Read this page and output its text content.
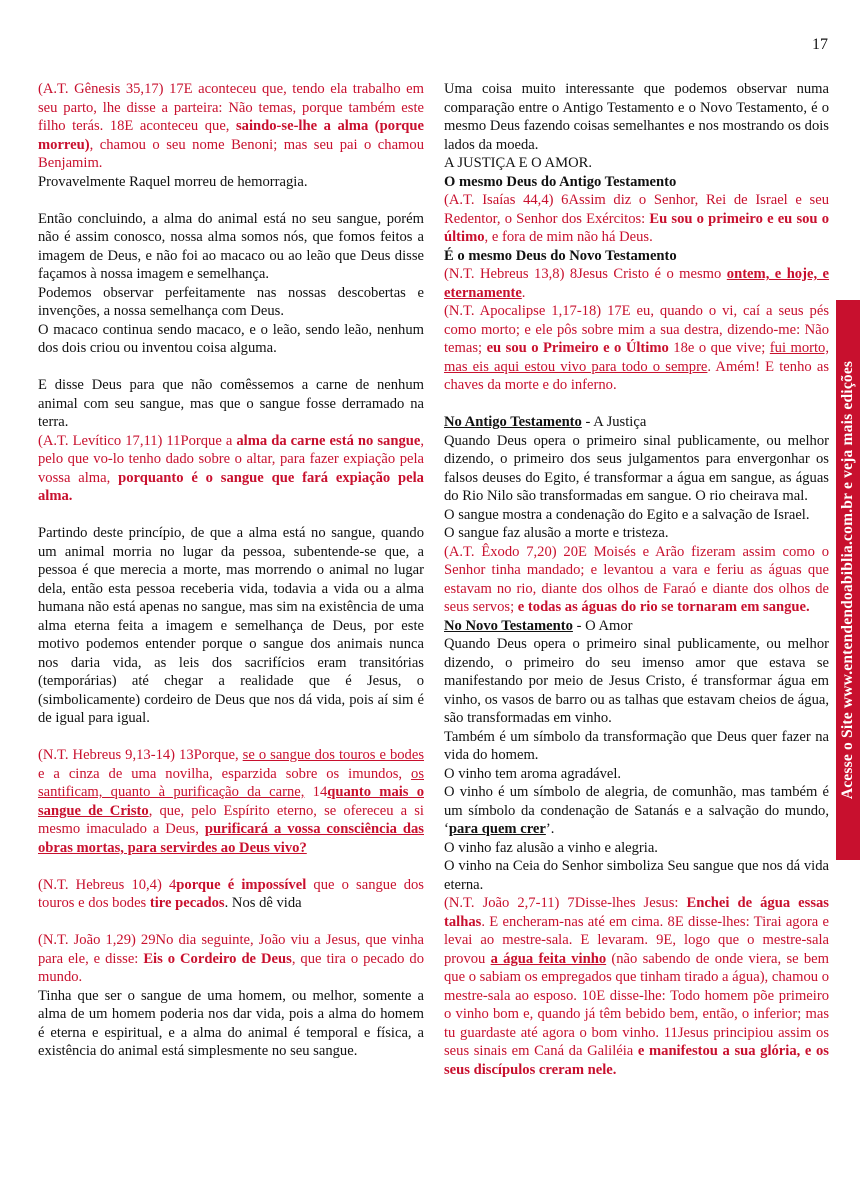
17

(A.T. Gênesis 35,17) 17E aconteceu que, tendo ela trabalho em seu parto, lhe disse a parteira: Não temas, porque também este filho terás. 18E aconteceu que, saindo-se-lhe a alma (porque morreu), chamou o seu nome Benoni; mas seu pai o chamou Benjamim.

Provavelmente Raquel morreu de hemorragia.

Então concluindo, a alma do animal está no seu sangue, porém não é assim conosco, nossa alma somos nós, que fomos feitos a imagem de Deus, e não foi ao macaco ou ao leão que Deus disse façamos à nossa imagem e semelhança.

Podemos observar perfeitamente nas nossas descobertas e invenções, a nossa semelhança com Deus.

O macaco continua sendo macaco, e o leão, sendo leão, nenhum dos dois criou ou inventou coisa alguma.

E disse Deus para que não comêssemos a carne de nenhum animal com seu sangue, mas que o sangue fosse derramado na terra.

(A.T. Levítico 17,11) 11Porque a alma da carne está no sangue, pelo que vo-lo tenho dado sobre o altar, para fazer expiação pela vossa alma, porquanto é o sangue que fará expiação pela alma.

Partindo deste princípio, de que a alma está no sangue, quando um animal morria no lugar da pessoa, subentende-se que, a pessoa é que merecia a morte, mas morrendo o animal no lugar dela, então esta pessoa receberia vida, todavia a vida ou a alma humana não está apenas no sangue, mas sim na existência de uma alma eterna feita a imagem e semelhança de Deus, por este motivo podemos entender porque o sangue dos animais nunca nos daria vida, as leis dos sacrifícios eram transitórias (temporárias) até chegar a realidade que é Jesus, o (simbolicamente) cordeiro de Deus que nos dá vida, pois aí sim é de igual para igual.

(N.T. Hebreus 9,13-14) 13Porque, se o sangue dos touros e bodes e a cinza de uma novilha, esparzida sobre os imundos, os santificam, quanto à purificação da carne, 14quanto mais o sangue de Cristo, que, pelo Espírito eterno, se ofereceu a si mesmo imaculado a Deus, purificará a vossa consciência das obras mortas, para servirdes ao Deus vivo?

(N.T. Hebreus 10,4) 4porque é impossível que o sangue dos touros e dos bodes tire pecados. Nos dê vida

(N.T. João 1,29) 29No dia seguinte, João viu a Jesus, que vinha para ele, e disse: Eis o Cordeiro de Deus, que tira o pecado do mundo.

Tinha que ser o sangue de uma homem, ou melhor, somente a alma de um homem poderia nos dar vida, pois a alma do homem é eterna e espiritual, e a alma do animal é temporal e física, a existência do animal está simplesmente no seu sangue.

Uma coisa muito interessante que podemos observar numa comparação entre o Antigo Testamento e o Novo Testamento, é o mesmo Deus fazendo coisas semelhantes e nos mostrando os dois lados da moeda.

A JUSTIÇA E O AMOR.

O mesmo Deus do Antigo Testamento

(A.T. Isaías 44,4) 6Assim diz o Senhor, Rei de Israel e seu Redentor, o Senhor dos Exércitos: Eu sou o primeiro e eu sou o último, e fora de mim não há Deus.

É o mesmo Deus do Novo Testamento

(N.T. Hebreus 13,8) 8Jesus Cristo é o mesmo ontem, e hoje, e eternamente.

(N.T. Apocalipse 1,17-18) 17E eu, quando o vi, caí a seus pés como morto; e ele pôs sobre mim a sua destra, dizendo-me: Não temas; eu sou o Primeiro e o Último 18e o que vive; fui morto, mas eis aqui estou vivo para todo o sempre. Amém! E tenho as chaves da morte e do inferno.

No Antigo Testamento - A Justiça

Quando Deus opera o primeiro sinal publicamente, ou melhor dizendo, o primeiro dos seus julgamentos para envergonhar os falsos deuses do Egito, é transformar a água em sangue, as águas do Rio Nilo são transformadas em sangue. O rio cheirava mal.

O sangue mostra a condenação do Egito e a salvação de Israel.

O sangue faz alusão a morte e tristeza.

(A.T. Êxodo 7,20) 20E Moisés e Arão fizeram assim como o Senhor tinha mandado; e levantou a vara e feriu as águas que estavam no rio, diante dos olhos de Faraó e diante dos olhos de seus servos; e todas as águas do rio se tornaram em sangue.

No Novo Testamento - O Amor

Quando Deus opera o primeiro sinal publicamente, ou melhor dizendo, o primeiro do seu imenso amor que estava se manifestando por meio de Jesus Cristo, é transformar água em vinho, os vasos de barro ou as talhas que estavam cheios de água, são transformadas em vinho.

Também é um símbolo da transformação que Deus quer fazer na vida do homem.

O vinho tem aroma agradável.

O vinho é um símbolo de alegria, de comunhão, mas também é um símbolo da condenação de Satanás e a salvação do mundo, ‘para quem crer’.

O vinho faz alusão a vinho e alegria.

O vinho na Ceia do Senhor simboliza Seu sangue que nos dá vida eterna.

(N.T. João 2,7-11) 7Disse-lhes Jesus: Enchei de água essas talhas. E encheram-nas até em cima. 8E disse-lhes: Tirai agora e levai ao mestre-sala. E levaram. 9E, logo que o mestre-sala provou a água feita vinho (não sabendo de onde viera, se bem que o sabiam os empregados que tinham tirado a água), chamou o mestre-sala ao esposo. 10E disse-lhe: Todo homem põe primeiro o vinho bom e, quando já têm bebido bem, então, o inferior; mas tu guardaste até agora o bom vinho. 11Jesus principiou assim os seus sinais em Caná da Galiléia e manifestou a sua glória, e os seus discípulos creram nele.

Acesse o Site www.entendendoabiblia.com.br e veja mais edições
